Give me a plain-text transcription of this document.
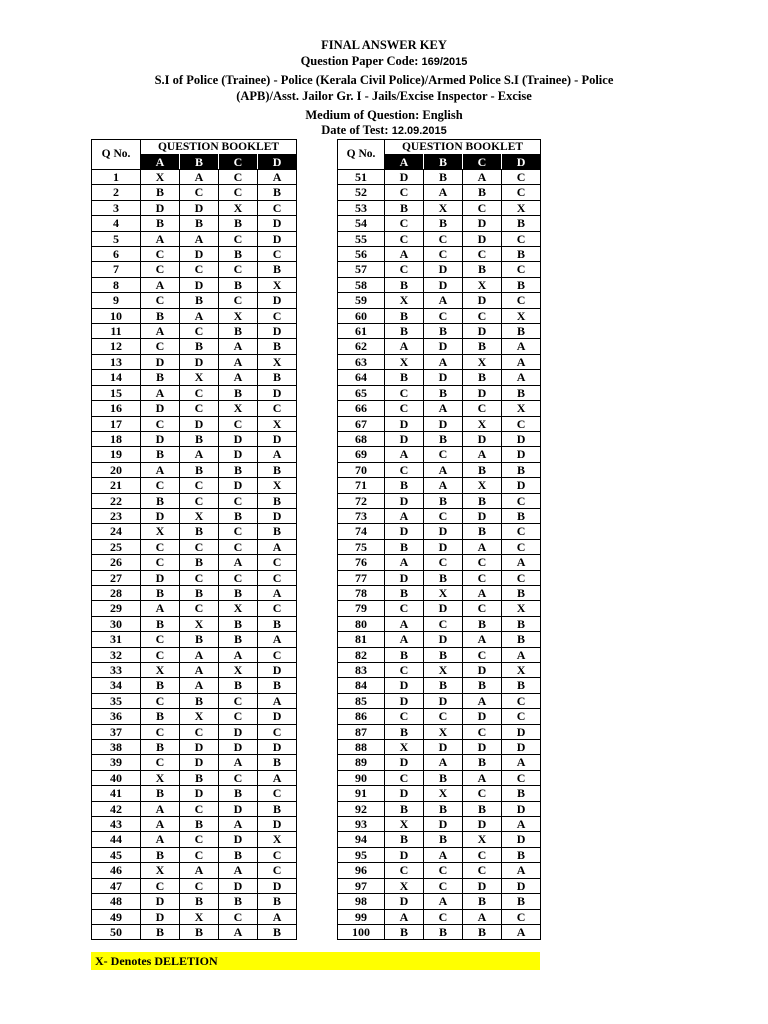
FINAL ANSWER KEY
Question Paper Code: 169/2015
S.I of Police (Trainee) - Police (Kerala Civil Police)/Armed Police S.I (Trainee) - Police
(APB)/Asst. Jailor Gr. I - Jails/Excise Inspector - Excise
Medium of Question: English
Date of Test: 12.09.2015
Q No.	QUESTION BOOKLET			
	A	B	C	D
1	X	A	C	A
2	B	C	C	B
3	D	D	X	C
4	B	B	B	D
5	A	A	C	D
6	C	D	B	C
7	C	C	C	B
8	A	D	B	X
9	C	B	C	D
10	B	A	X	C
11	A	C	B	D
12	C	B	A	B
13	D	D	A	X
14	B	X	A	B
15	A	C	B	D
16	D	C	X	C
17	C	D	C	X
18	D	B	D	D
19	B	A	D	A
20	A	B	B	B
21	C	C	D	X
22	B	C	C	B
23	D	X	B	D
24	X	B	C	B
25	C	C	C	A
26	C	B	A	C
27	D	C	C	C
28	B	B	B	A
29	A	C	X	C
30	B	X	B	B
31	C	B	B	A
32	C	A	A	C
33	X	A	X	D
34	B	A	B	B
35	C	B	C	A
36	B	X	C	D
37	C	C	D	C
38	B	D	D	D
39	C	D	A	B
40	X	B	C	A
41	B	D	B	C
42	A	C	D	B
43	A	B	A	D
44	A	C	D	X
45	B	C	B	C
46	X	A	A	C
47	C	C	D	D
48	D	B	B	B
49	D	X	C	A
50	B	B	A	B
Q No.	QUESTION BOOKLET			
	A	B	C	D
51	D	B	A	C
52	C	A	B	C
53	B	X	C	X
54	C	B	D	B
55	C	C	D	C
56	A	C	C	B
57	C	D	B	C
58	B	D	X	B
59	X	A	D	C
60	B	C	C	X
61	B	B	D	B
62	A	D	B	A
63	X	A	X	A
64	B	D	B	A
65	C	B	D	B
66	C	A	C	X
67	D	D	X	C
68	D	B	D	D
69	A	C	A	D
70	C	A	B	B
71	B	A	X	D
72	D	B	B	C
73	A	C	D	B
74	D	D	B	C
75	B	D	A	C
76	A	C	C	A
77	D	B	C	C
78	B	X	A	B
79	C	D	C	X
80	A	C	B	B
81	A	D	A	B
82	B	B	C	A
83	C	X	D	X
84	D	B	B	B
85	D	D	A	C
86	C	C	D	C
87	B	X	C	D
88	X	D	D	D
89	D	A	B	A
90	C	B	A	C
91	D	X	C	B
92	B	B	B	D
93	X	D	D	A
94	B	B	X	D
95	D	A	C	B
96	C	C	C	A
97	X	C	D	D
98	D	A	B	B
99	A	C	A	C
100	B	B	B	A
X- Denotes DELETION
